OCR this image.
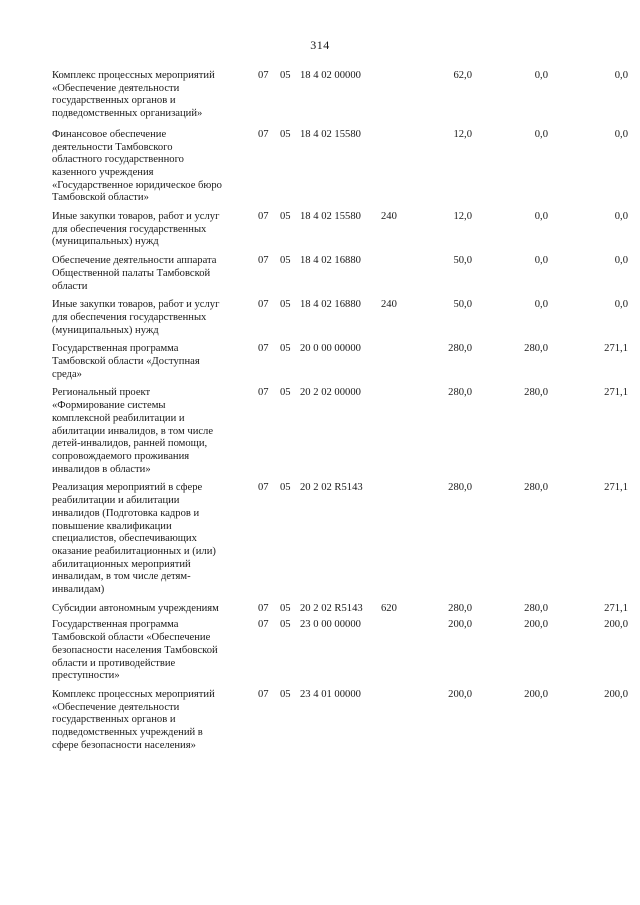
314
Комплекс процессных мероприятий
«Обеспечение деятельности
государственных органов и
подведомственных организаций»
07 05 18 4 02 00000	62,0	0,0	0,0
Финансовое обеспечение
деятельности Тамбовского
областного государственного
казенного учреждения
«Государственное юридическое бюро
Тамбовской области»
07 05 18 4 02 15580	12,0	0,0	0,0
Иные закупки товаров, работ и услуг
для обеспечения государственных
(муниципальных) нужд
07 05 18 4 02 15580 240	12,0	0,0	0,0
Обеспечение деятельности аппарата
Общественной палаты Тамбовской
области
07 05 18 4 02 16880	50,0	0,0	0,0
Иные закупки товаров, работ и услуг
для обеспечения государственных
(муниципальных) нужд
07 05 18 4 02 16880 240	50,0	0,0	0,0
Государственная программа
Тамбовской области «Доступная
среда»
07 05 20 0 00 00000	280,0	280,0	271,1
Региональный проект
«Формирование системы
комплексной реабилитации и
абилитации инвалидов, в том числе
детей-инвалидов, ранней помощи,
сопровождаемого проживания
инвалидов в области»
07 05 20 2 02 00000	280,0	280,0	271,1
Реализация мероприятий в сфере
реабилитации и абилитации
инвалидов (Подготовка кадров и
повышение квалификации
специалистов, обеспечивающих
оказание реабилитационных и (или)
абилитационных мероприятий
инвалидам, в том числе детям-
инвалидам)
07 05 20 2 02 R5143	280,0	280,0	271,1
Субсидии автономным учреждениям	07 05 20 2 02 R5143 620	280,0	280,0	271,1
Государственная программа
Тамбовской области «Обеспечение
безопасности населения Тамбовской
области и противодействие
преступности»
07 05 23 0 00 00000	200,0	200,0	200,0
Комплекс процессных мероприятий
«Обеспечение деятельности
государственных органов и
подведомственных учреждений в
сфере безопасности населения»
07 05 23 4 01 00000	200,0	200,0	200,0
